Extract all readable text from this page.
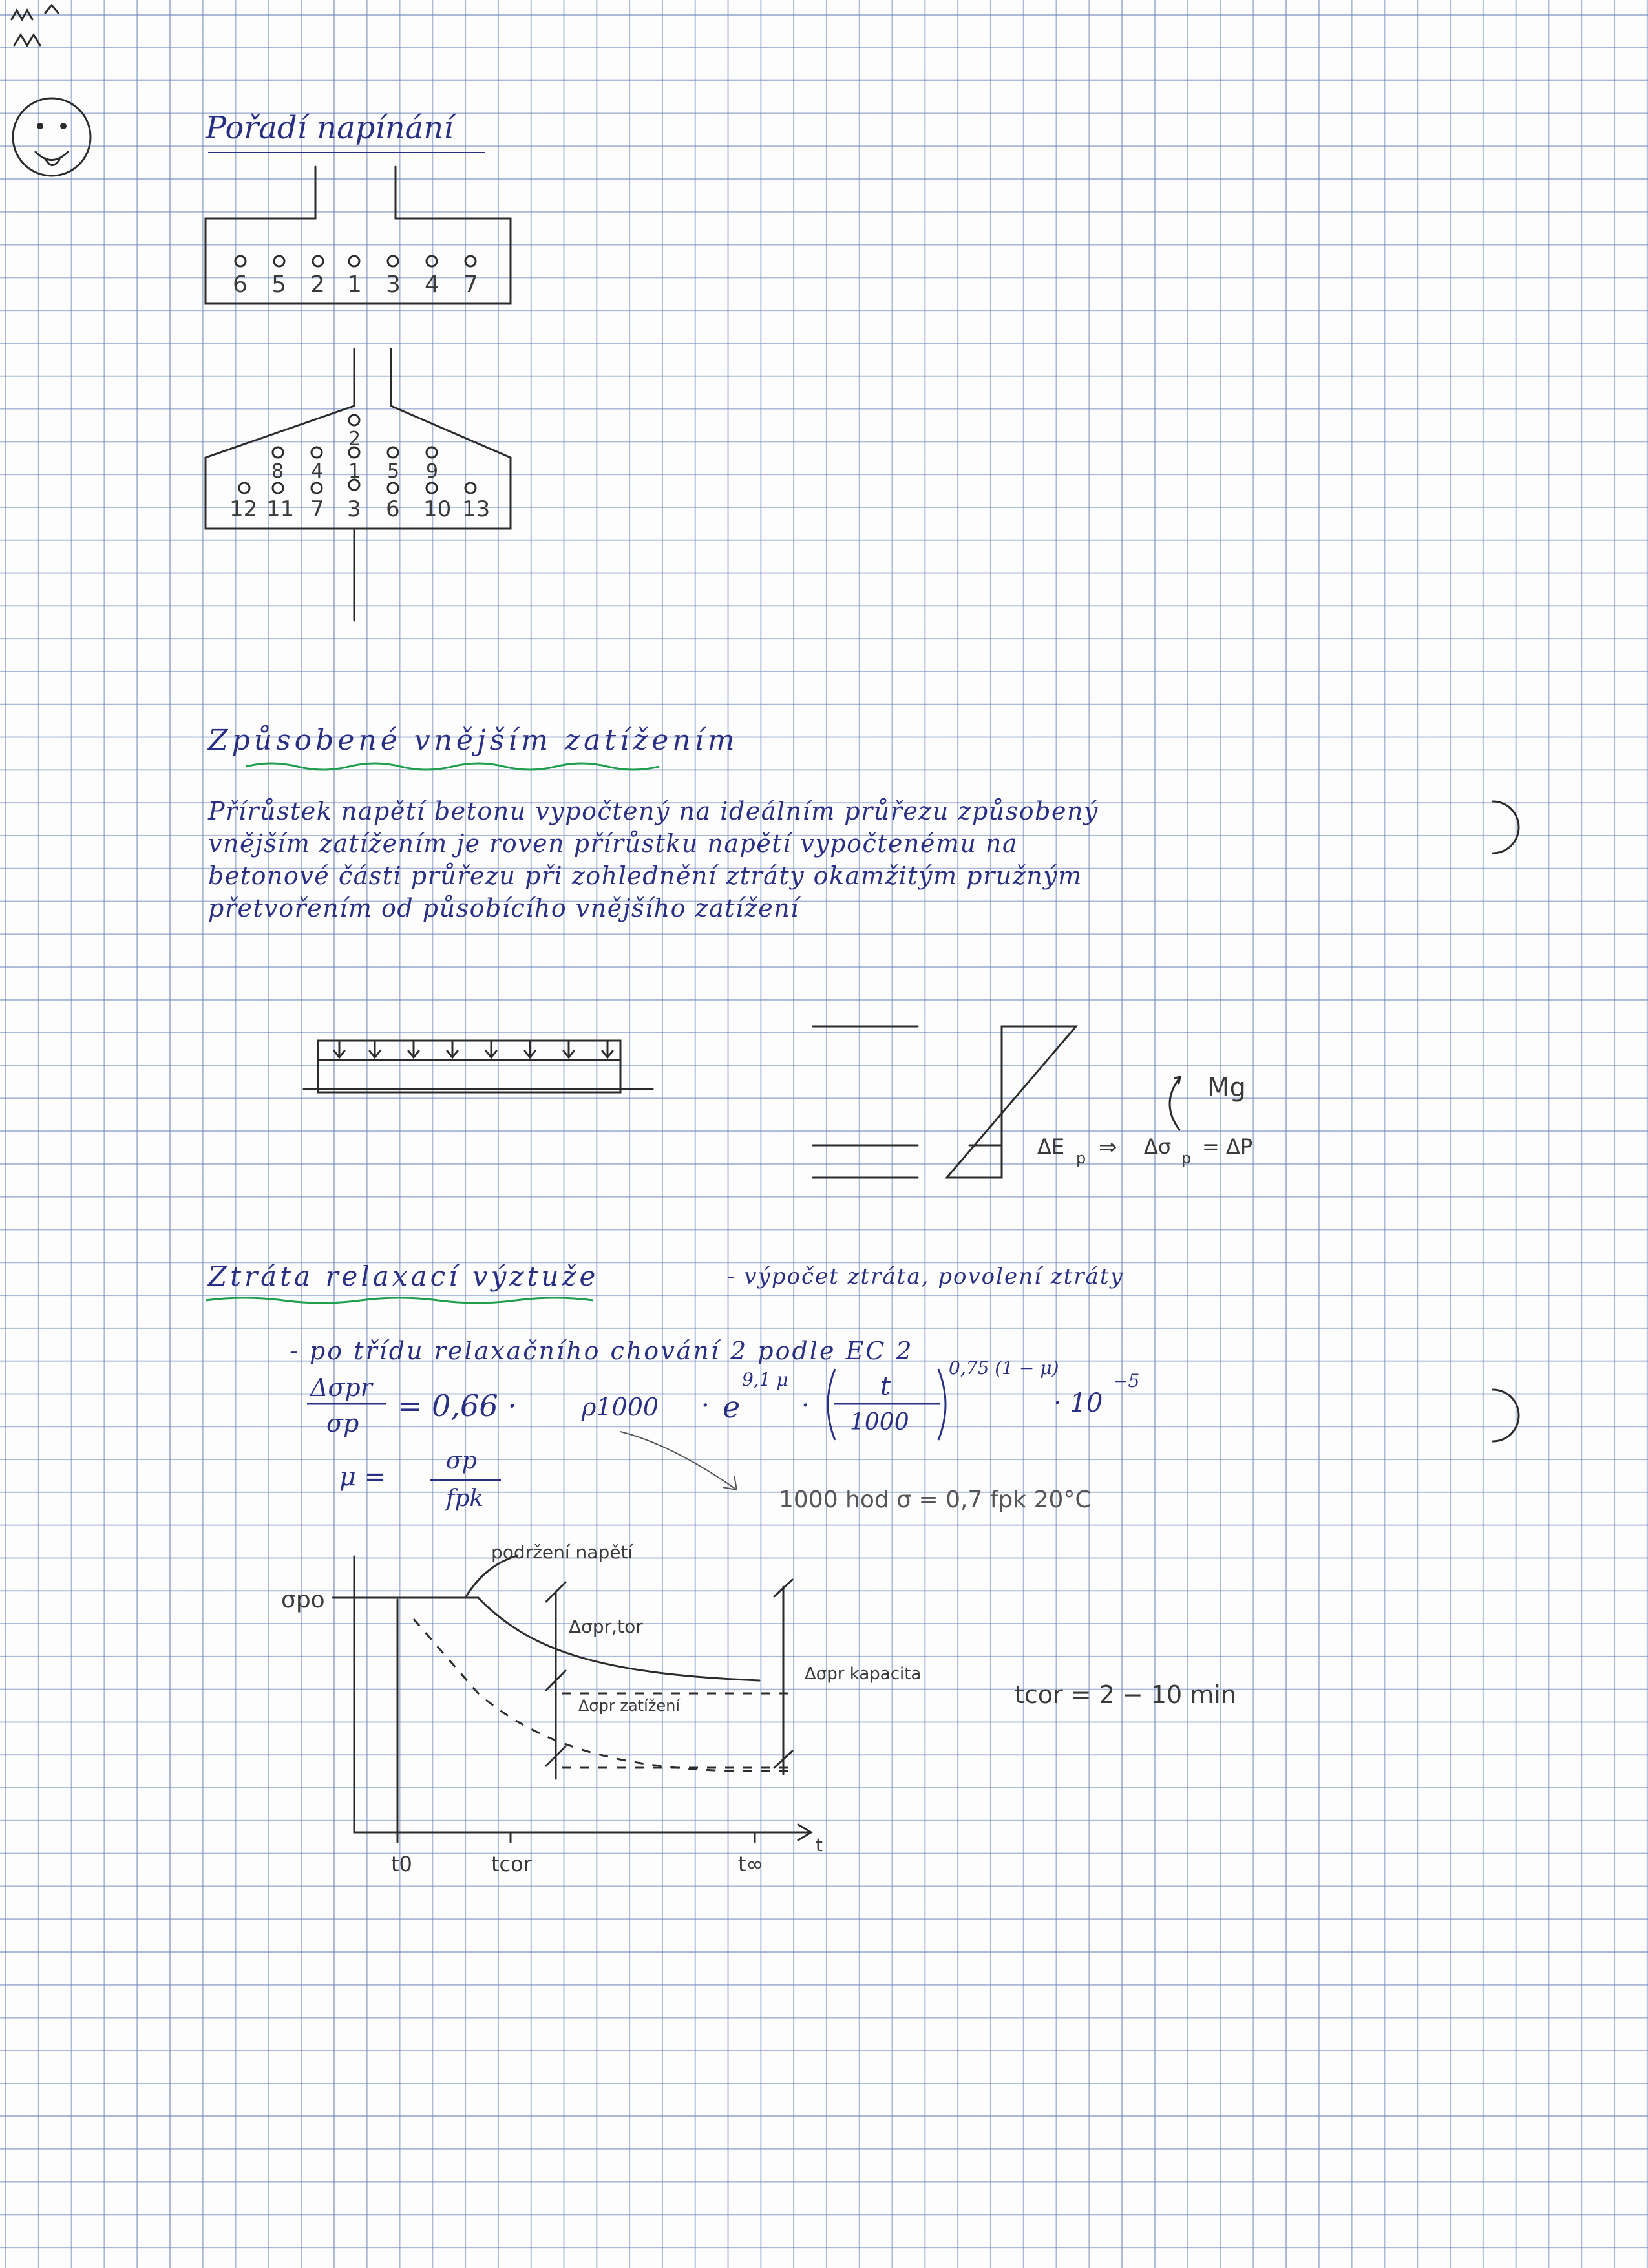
Pořadí napínání

6 5 2 1 3 4 7
8 4 1
2
5 9
12 11 7 3 6 10 13

Způsobené vnějším zatížením

Přírůstek napětí betonu vypočtený na ideálním průřezu způsobený
vnějším zatížením je roven přírůstku napětí vypočtenému na
betonové části průřezu při zohlednění ztráty okamžitým pružným
přetvořením od působícího vnějšího zatížení
Mg
ΔΕ p ⇒ Δσ p = ΔP

Ztráta relaxací výztuže	- výpočet ztráta, povolení ztráty

- po třídu relaxačního chování 2 podle EC 2

Δσpr
σp = 0,66 ·	ρ1000 · e
9,1 μ
·
t
1000
0,75 (1 − μ)
· 10
−5
μ =
σp
fpk	1000 hod σ = 0,7 fpk 20°C
σpo
podržení napětí
Δσpr,tor
Δσpr zatížení
Δσpr kapacita
t0	tcor	t∞
t
tcor = 2 − 10 min
